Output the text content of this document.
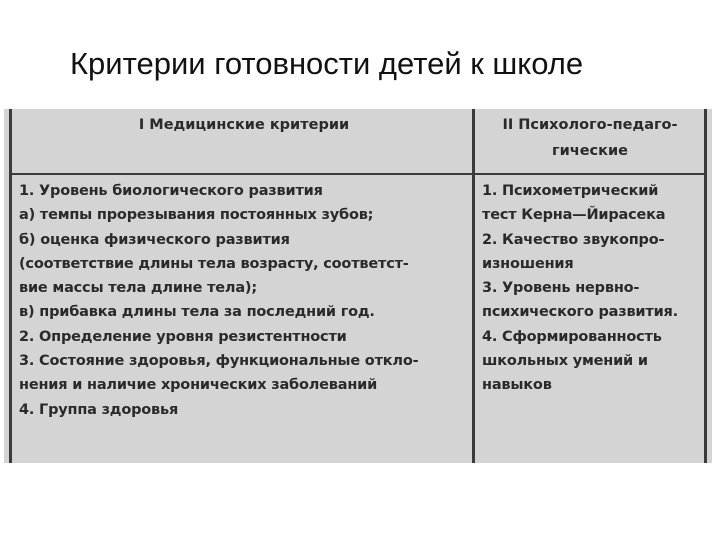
Критерии готовности детей к школе
I Медицинские критерии	II Психолого-педаго-
гические
1. Уровень биологического развития
а) темпы прорезывания постоянных зубов;
б) оценка физического развития
(соответствие длины тела возрасту, соответст-
вие массы тела длине тела);
в) прибавка длины тела за последний год.
2. Определение уровня резистентности
3. Состояние здоровья, функциональные откло-
нения и наличие хронических заболеваний
4. Группа здоровья
1. Психометрический
тест Керна—Йирасека
2. Качество звукопро-
изношения
3. Уровень нервно-
психического развития.
4. Сформированность
школьных умений и
навыков
